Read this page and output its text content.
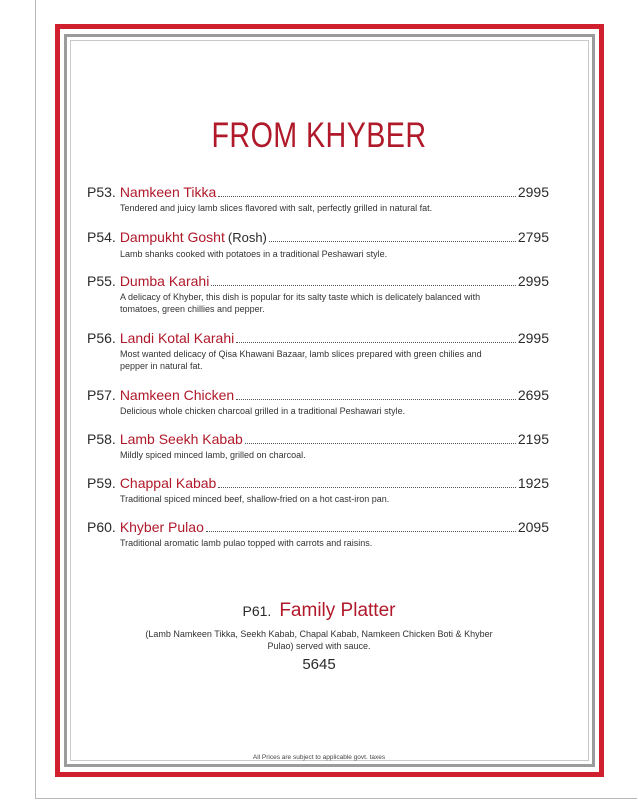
FROM KHYBER
P53. Namkeen Tikka	2995
Tendered and juicy lamb slices flavored with salt, perfectly grilled in natural fat.
P54. Dampukht Gosht (Rosh)	2795
Lamb shanks cooked with potatoes in a traditional Peshawari style.
P55. Dumba Karahi	2995
A delicacy of Khyber, this dish is popular for its salty taste which is delicately balanced with tomatoes, green chillies and pepper.
P56. Landi Kotal Karahi	2995
Most wanted delicacy of Qisa Khawani Bazaar, lamb slices prepared with green chilies and pepper in natural fat.
P57. Namkeen Chicken	2695
Delicious whole chicken charcoal grilled in a traditional Peshawari style.
P58. Lamb Seekh Kabab	2195
Mildly spiced minced lamb, grilled on charcoal.
P59. Chappal Kabab	1925
Traditional spiced minced beef, shallow-fried on a hot cast-iron pan.
P60. Khyber Pulao	2095
Traditional aromatic lamb pulao topped with carrots and raisins.
P61. Family Platter
(Lamb Namkeen Tikka, Seekh Kabab, Chapal Kabab, Namkeen Chicken Boti & Khyber Pulao) served with sauce.
5645
All Prices are subject to applicable govt. taxes
